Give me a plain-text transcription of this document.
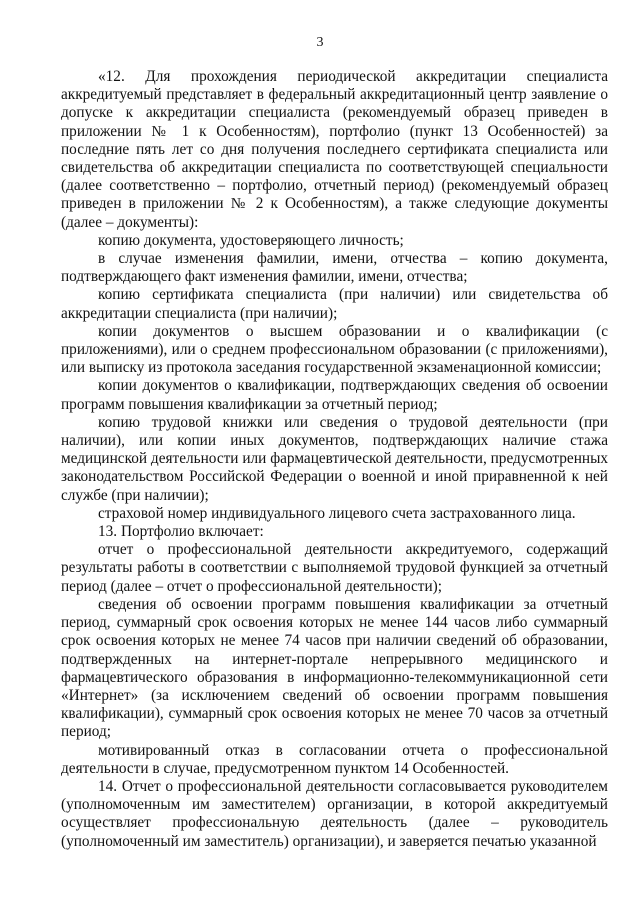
3

«12. Для прохождения периодической аккредитации специалиста аккредитуемый представляет в федеральный аккредитационный центр заявление о допуске к аккредитации специалиста (рекомендуемый образец приведен в приложении № 1 к Особенностям), портфолио (пункт 13 Особенностей) за последние пять лет со дня получения последнего сертификата специалиста или свидетельства об аккредитации специалиста по соответствующей специальности (далее соответственно – портфолио, отчетный период) (рекомендуемый образец приведен в приложении № 2 к Особенностям), а также следующие документы (далее – документы):

копию документа, удостоверяющего личность;

в случае изменения фамилии, имени, отчества – копию документа, подтверждающего факт изменения фамилии, имени, отчества;

копию сертификата специалиста (при наличии) или свидетельства об аккредитации специалиста (при наличии);

копии документов о высшем образовании и о квалификации (с приложениями), или о среднем профессиональном образовании (с приложениями), или выписку из протокола заседания государственной экзаменационной комиссии;

копии документов о квалификации, подтверждающих сведения об освоении программ повышения квалификации за отчетный период;

копию трудовой книжки или сведения о трудовой деятельности (при наличии), или копии иных документов, подтверждающих наличие стажа медицинской деятельности или фармацевтической деятельности, предусмотренных законодательством Российской Федерации о военной и иной приравненной к ней службе (при наличии);

страховой номер индивидуального лицевого счета застрахованного лица.

13. Портфолио включает:

отчет о профессиональной деятельности аккредитуемого, содержащий результаты работы в соответствии с выполняемой трудовой функцией за отчетный период (далее – отчет о профессиональной деятельности);

сведения об освоении программ повышения квалификации за отчетный период, суммарный срок освоения которых не менее 144 часов либо суммарный срок освоения которых не менее 74 часов при наличии сведений об образовании, подтвержденных на интернет-портале непрерывного медицинского и фармацевтического образования в информационно-телекоммуникационной сети «Интернет» (за исключением сведений об освоении программ повышения квалификации), суммарный срок освоения которых не менее 70 часов за отчетный период;

мотивированный отказ в согласовании отчета о профессиональной деятельности в случае, предусмотренном пунктом 14 Особенностей.

14. Отчет о профессиональной деятельности согласовывается руководителем (уполномоченным им заместителем) организации, в которой аккредитуемый осуществляет профессиональную деятельность (далее – руководитель (уполномоченный им заместитель) организации), и заверяется печатью указанной
